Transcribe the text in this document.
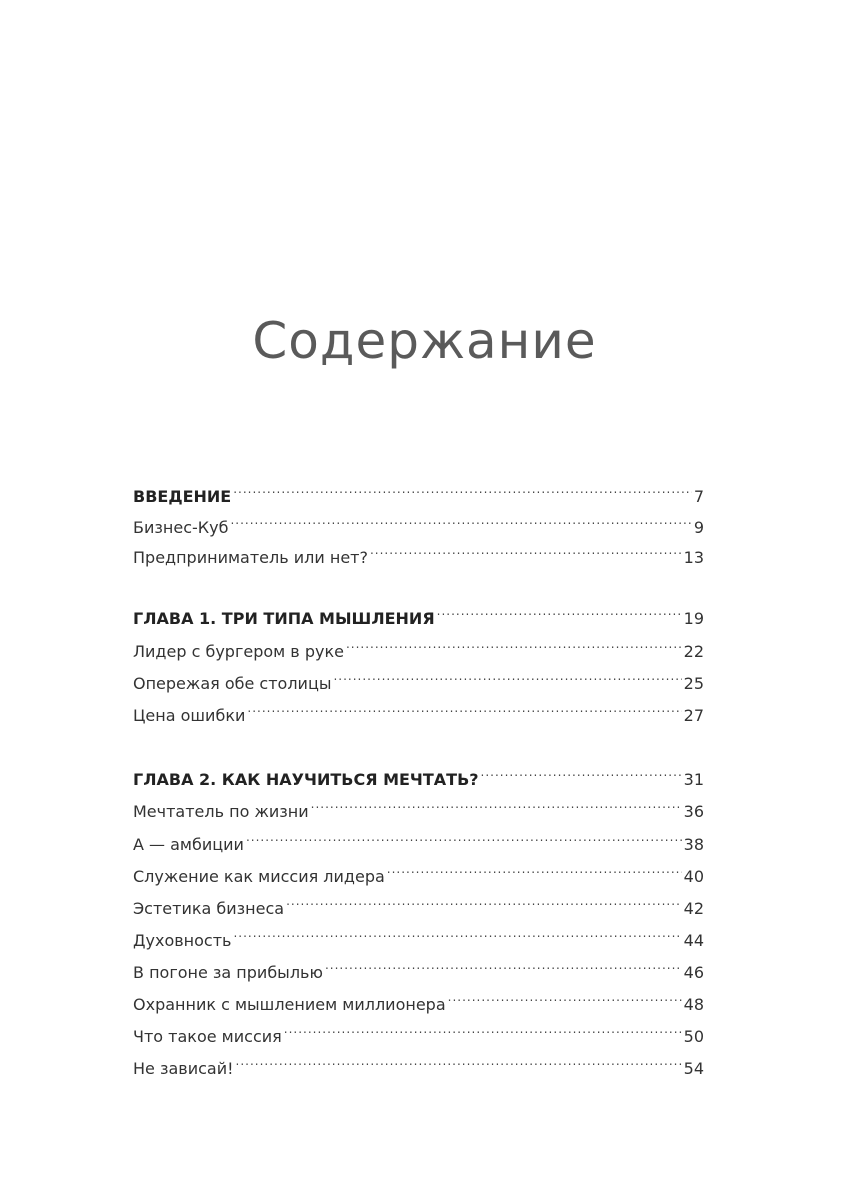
Содержание
ВВЕДЕНИЕ .....	7
Бизнес-Куб .....	9
Предприниматель или нет? .....	13
ГЛАВА 1. ТРИ ТИПА МЫШЛЕНИЯ .....	19
Лидер с бургером в руке .....	22
Опережая обе столицы .....	25
Цена ошибки .....	27
ГЛАВА 2. КАК НАУЧИТЬСЯ МЕЧТАТЬ? .....	31
Мечтатель по жизни .....	36
А — амбиции .....	38
Служение как миссия лидера .....	40
Эстетика бизнеса .....	42
Духовность .....	44
В погоне за прибылью .....	46
Охранник с мышлением миллионера .....	48
Что такое миссия .....	50
Не зависай! .....	54
